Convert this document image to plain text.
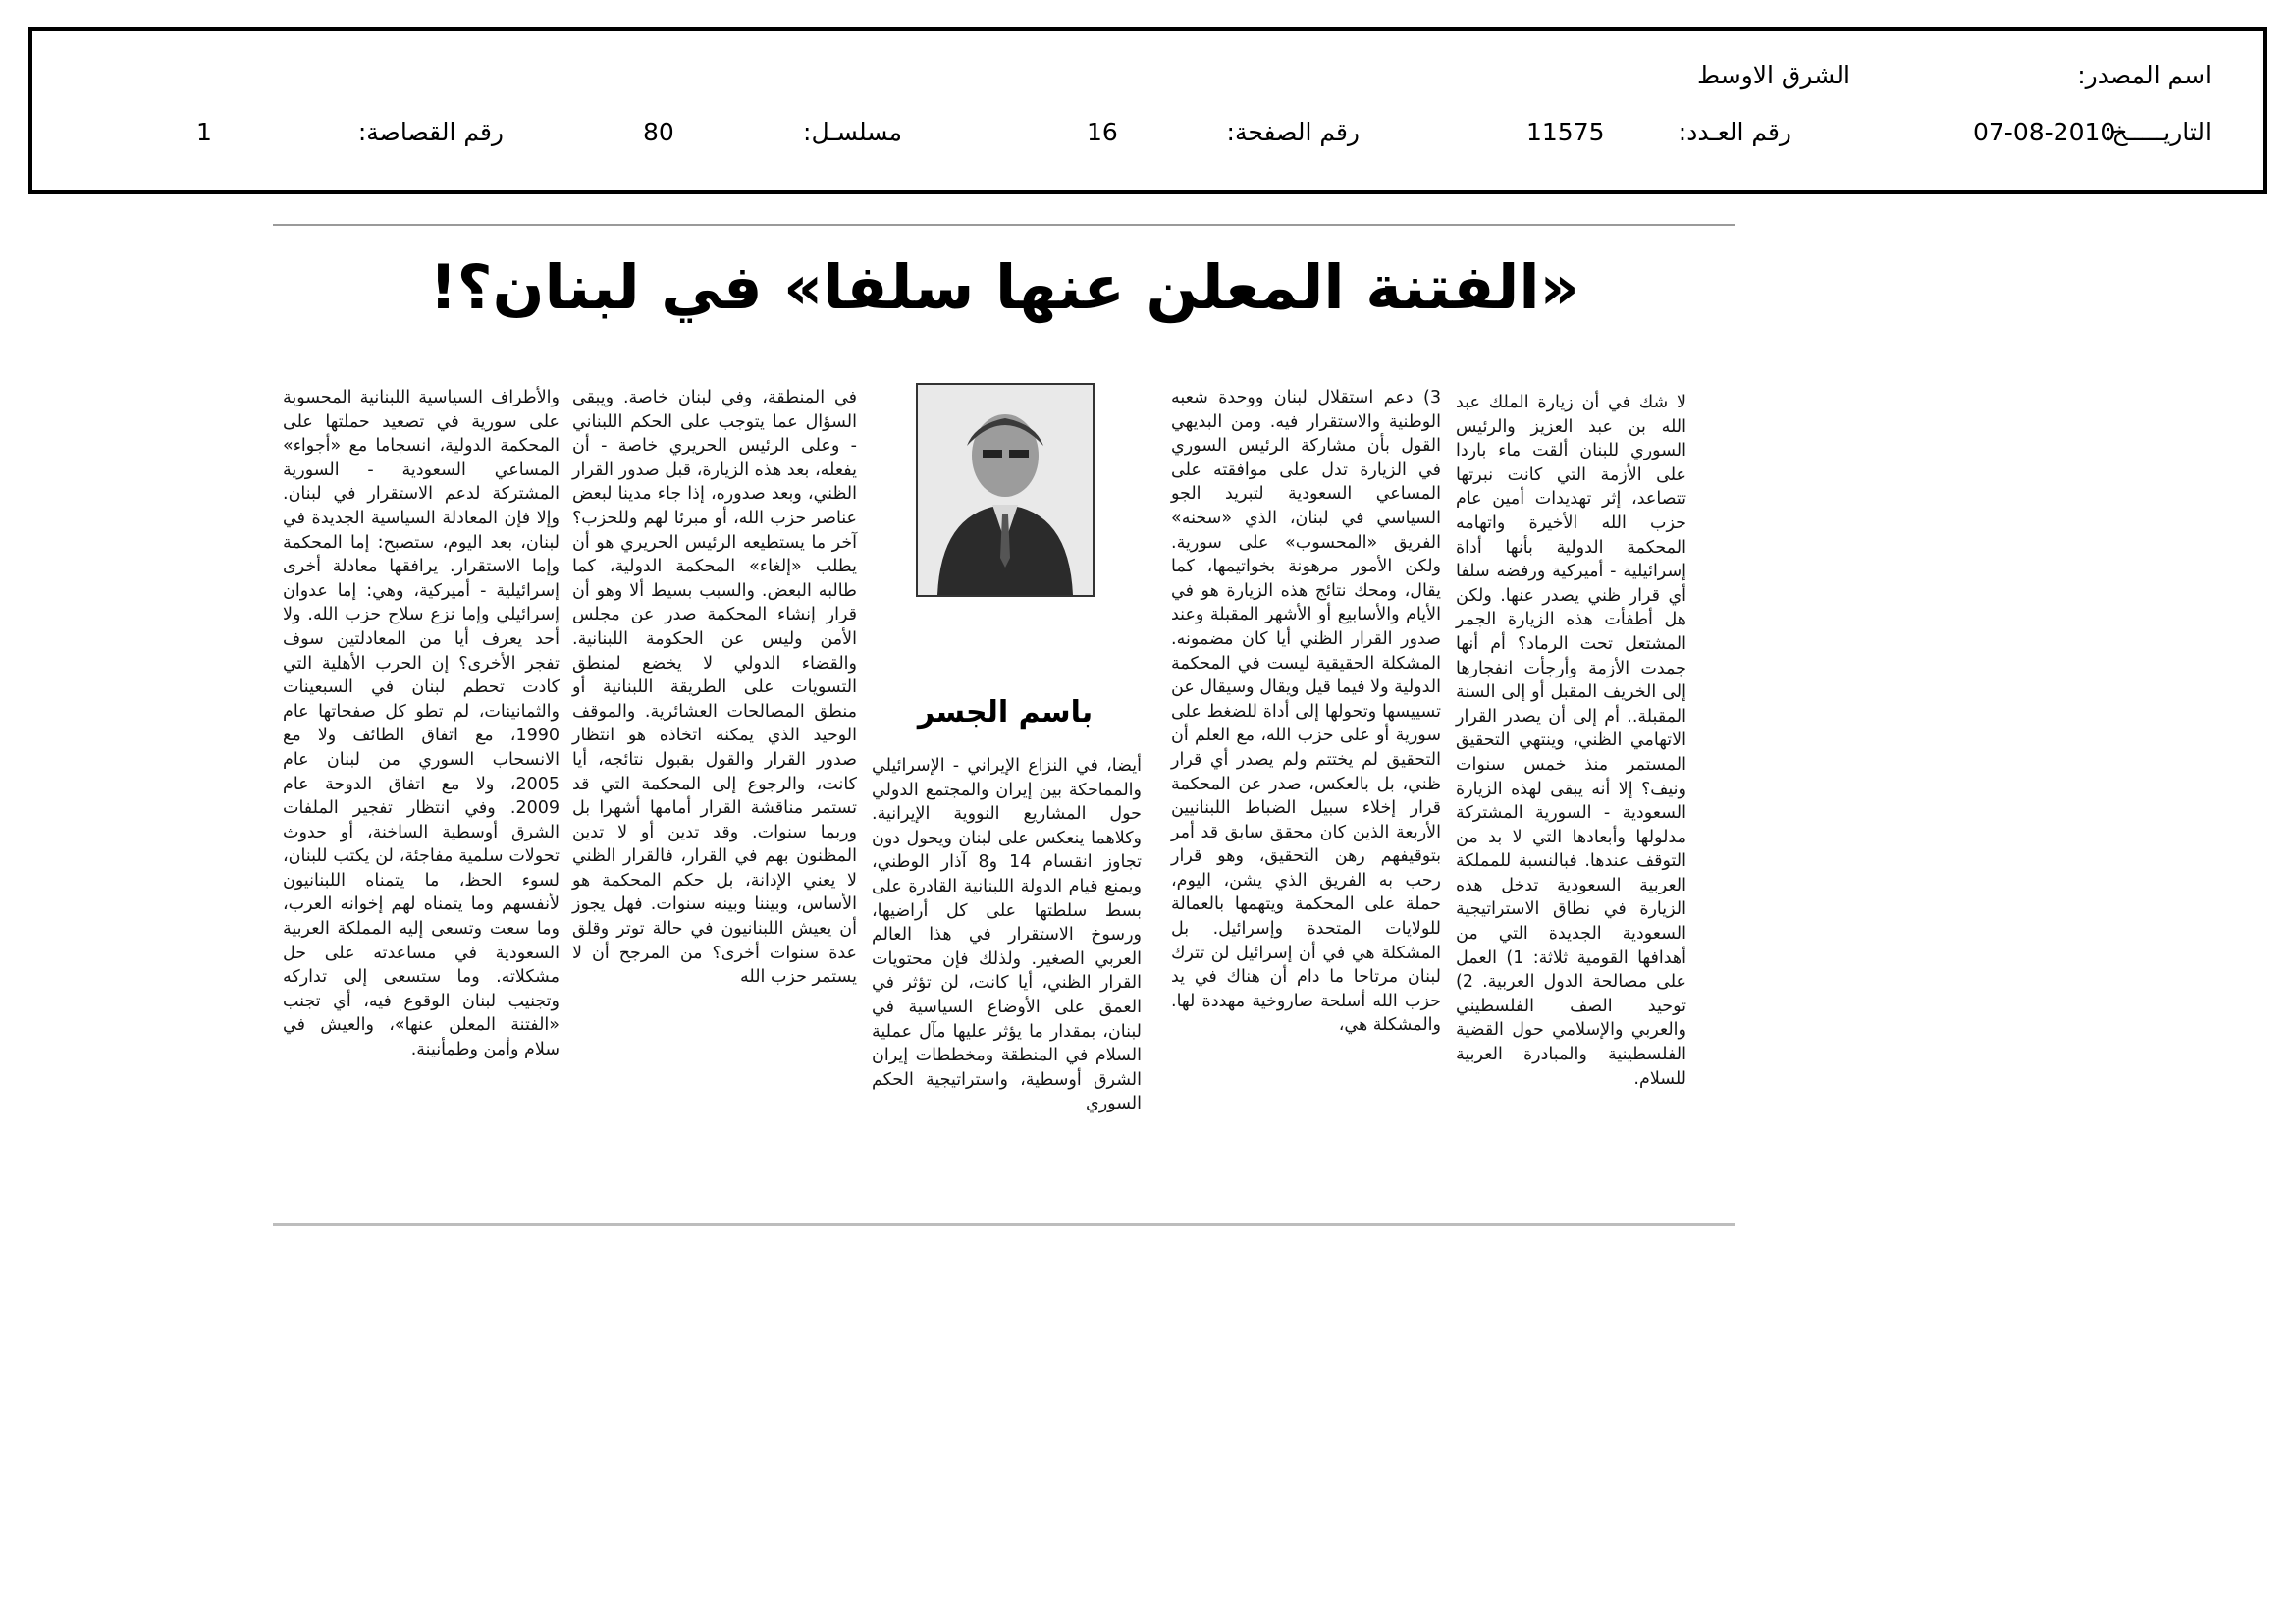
اسم المصدر:
الشرق الاوسط
التاريـــــخ:
07-08-2010
رقم العـدد:
11575
رقم الصفحة:
16
مسلسـل:
80
رقم القصاصة:
1
«الفتنة المعلن عنها سلفا» في لبنان؟!
لا شك في أن زيارة الملك عبد الله بن عبد العزيز والرئيس السوري للبنان ألقت ماء باردا على الأزمة التي كانت نبرتها تتصاعد، إثر تهديدات أمين عام حزب الله الأخيرة واتهامه المحكمة الدولية بأنها أداة إسرائيلية - أميركية ورفضه سلفا أي قرار ظني يصدر عنها. ولكن هل أطفأت هذه الزيارة الجمر المشتعل تحت الرماد؟ أم أنها جمدت الأزمة وأرجأت انفجارها إلى الخريف المقبل أو إلى السنة المقبلة.. أم إلى أن يصدر القرار الاتهامي الظني، وينتهي التحقيق المستمر منذ خمس سنوات ونيف؟ إلا أنه يبقى لهذه الزيارة السعودية - السورية المشتركة مدلولها وأبعادها التي لا بد من التوقف عندها. فبالنسبة للمملكة العربية السعودية تدخل هذه الزيارة في نطاق الاستراتيجية السعودية الجديدة التي من أهدافها القومية ثلاثة: 1) العمل على مصالحة الدول العربية. 2) توحيد الصف الفلسطيني والعربي والإسلامي حول القضية الفلسطينية والمبادرة العربية للسلام.
3) دعم استقلال لبنان ووحدة شعبه الوطنية والاستقرار فيه. ومن البديهي القول بأن مشاركة الرئيس السوري في الزيارة تدل على موافقته على المساعي السعودية لتبريد الجو السياسي في لبنان، الذي «سخنه» الفريق «المحسوب» على سورية. ولكن الأمور مرهونة بخواتيمها، كما يقال، ومحك نتائج هذه الزيارة هو في الأيام والأسابيع أو الأشهر المقبلة وعند صدور القرار الظني أيا كان مضمونه. المشكلة الحقيقية ليست في المحكمة الدولية ولا فيما قيل ويقال وسيقال عن تسييسها وتحولها إلى أداة للضغط على سورية أو على حزب الله، مع العلم أن التحقيق لم يختتم ولم يصدر أي قرار ظني، بل بالعكس، صدر عن المحكمة قرار إخلاء سبيل الضباط اللبنانيين الأربعة الذين كان محقق سابق قد أمر بتوقيفهم رهن التحقيق، وهو قرار رحب به الفريق الذي يشن، اليوم، حملة على المحكمة ويتهمها بالعمالة للولايات المتحدة وإسرائيل. بل المشكلة هي في أن إسرائيل لن تترك لبنان مرتاحا ما دام أن هناك في يد حزب الله أسلحة صاروخية مهددة لها. والمشكلة هي،
أيضا، في النزاع الإيراني - الإسرائيلي والمماحكة بين إيران والمجتمع الدولي حول المشاريع النووية الإيرانية. وكلاهما ينعكس على لبنان ويحول دون تجاوز انقسام 14 و8 آذار الوطني، ويمنع قيام الدولة اللبنانية القادرة على بسط سلطتها على كل أراضيها، ورسوخ الاستقرار في هذا العالم العربي الصغير. ولذلك فإن محتويات القرار الظني، أيا كانت، لن تؤثر في العمق على الأوضاع السياسية في لبنان، بمقدار ما يؤثر عليها مآل عملية السلام في المنطقة ومخططات إيران الشرق أوسطية، واستراتيجية الحكم السوري
باسم الجسر
في المنطقة، وفي لبنان خاصة. ويبقى السؤال عما يتوجب على الحكم اللبناني - وعلى الرئيس الحريري خاصة - أن يفعله، بعد هذه الزيارة، قبل صدور القرار الظني، وبعد صدوره، إذا جاء مدينا لبعض عناصر حزب الله، أو مبرئا لهم وللحزب؟ آخر ما يستطيعه الرئيس الحريري هو أن يطلب «إلغاء» المحكمة الدولية، كما طالبه البعض. والسبب بسيط ألا وهو أن قرار إنشاء المحكمة صدر عن مجلس الأمن وليس عن الحكومة اللبنانية. والقضاء الدولي لا يخضع لمنطق التسويات على الطريقة اللبنانية أو منطق المصالحات العشائرية. والموقف الوحيد الذي يمكنه اتخاذه هو انتظار صدور القرار والقول بقبول نتائجه، أيا كانت، والرجوع إلى المحكمة التي قد تستمر مناقشة القرار أمامها أشهرا بل وربما سنوات. وقد تدين أو لا تدين المظنون بهم في القرار، فالقرار الظني لا يعني الإدانة، بل حكم المحكمة هو الأساس، وبيننا وبينه سنوات. فهل يجوز أن يعيش اللبنانيون في حالة توتر وقلق عدة سنوات أخرى؟ من المرجح أن لا يستمر حزب الله
والأطراف السياسية اللبنانية المحسوبة على سورية في تصعيد حملتها على المحكمة الدولية، انسجاما مع «أجواء» المساعي السعودية - السورية المشتركة لدعم الاستقرار في لبنان. وإلا فإن المعادلة السياسية الجديدة في لبنان، بعد اليوم، ستصبح: إما المحكمة وإما الاستقرار. يرافقها معادلة أخرى إسرائيلية - أميركية، وهي: إما عدوان إسرائيلي وإما نزع سلاح حزب الله. ولا أحد يعرف أيا من المعادلتين سوف تفجر الأخرى؟ إن الحرب الأهلية التي كادت تحطم لبنان في السبعينات والثمانينات، لم تطو كل صفحاتها عام 1990، مع اتفاق الطائف ولا مع الانسحاب السوري من لبنان عام 2005، ولا مع اتفاق الدوحة عام 2009. وفي انتظار تفجير الملفات الشرق أوسطية الساخنة، أو حدوث تحولات سلمية مفاجئة، لن يكتب للبنان، لسوء الحظ، ما يتمناه اللبنانيون لأنفسهم وما يتمناه لهم إخوانه العرب، وما سعت وتسعى إليه المملكة العربية السعودية في مساعدته على حل مشكلاته. وما ستسعى إلى تداركه وتجنيب لبنان الوقوع فيه، أي تجنب «الفتنة المعلن عنها»، والعيش في سلام وأمن وطمأنينة.
